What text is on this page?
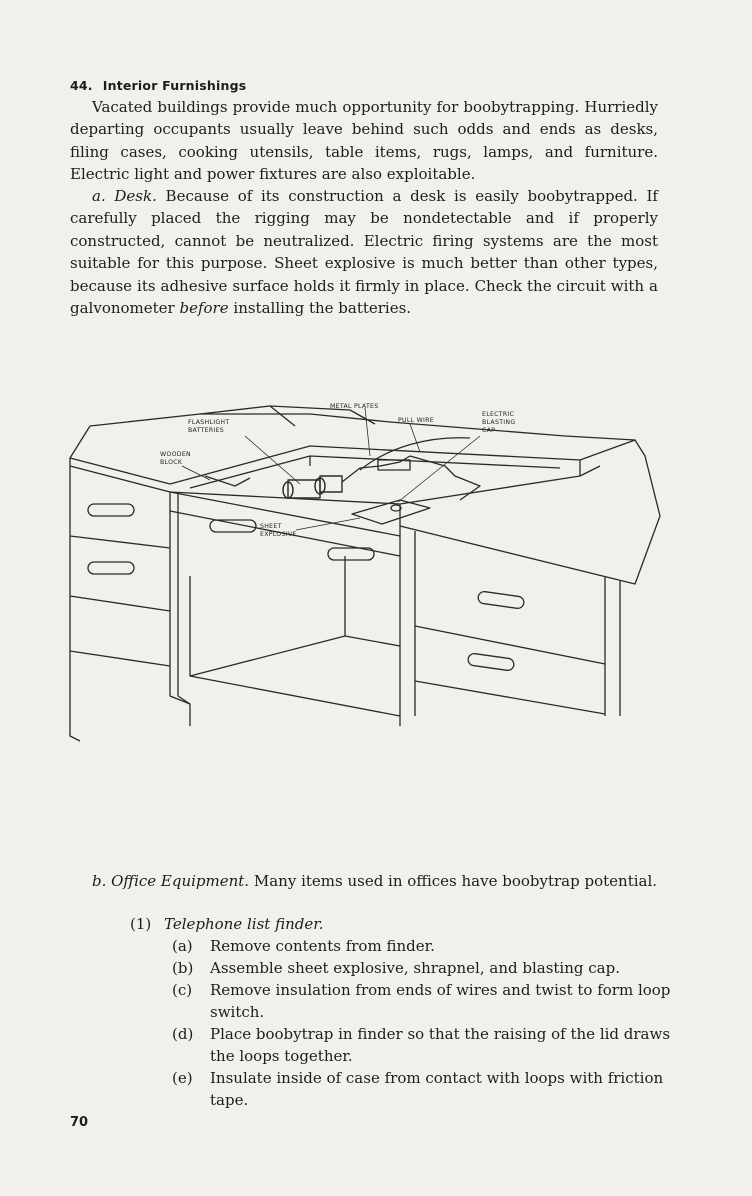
44. Interior Furnishings

Vacated buildings provide much opportunity for boobytrapping. Hurriedly departing occupants usually leave behind such odds and ends as desks, filing cases, cooking utensils, table items, rugs, lamps, and furniture. Electric light and power fixtures are also exploitable.

a. Desk. Because of its construction a desk is easily boobytrapped. If carefully placed the rigging may be nondetectable and if properly constructed, cannot be neutralized. Electric firing systems are the most suitable for this purpose. Sheet explosive is much better than other types, because its adhesive surface holds it firmly in place. Check the circuit with a galvonometer before installing the batteries.

METAL PLATES
FLASHLIGHT
BATTERIES
PULL WIRE
ELECTRIC
BLASTING
CAP
WOODEN
BLOCK
SHEET
EXPLOSIVE

b. Office Equipment. Many items used in offices have boobytrap potential.

(1) Telephone list finder.
(a)	Remove contents from finder.
(b)	Assemble sheet explosive, shrapnel, and blasting cap.
(c)	Remove insulation from ends of wires and twist to form loop switch.
(d)	Place boobytrap in finder so that the raising of the lid draws the loops together.
(e)	Insulate inside of case from contact with loops with friction tape.
70
